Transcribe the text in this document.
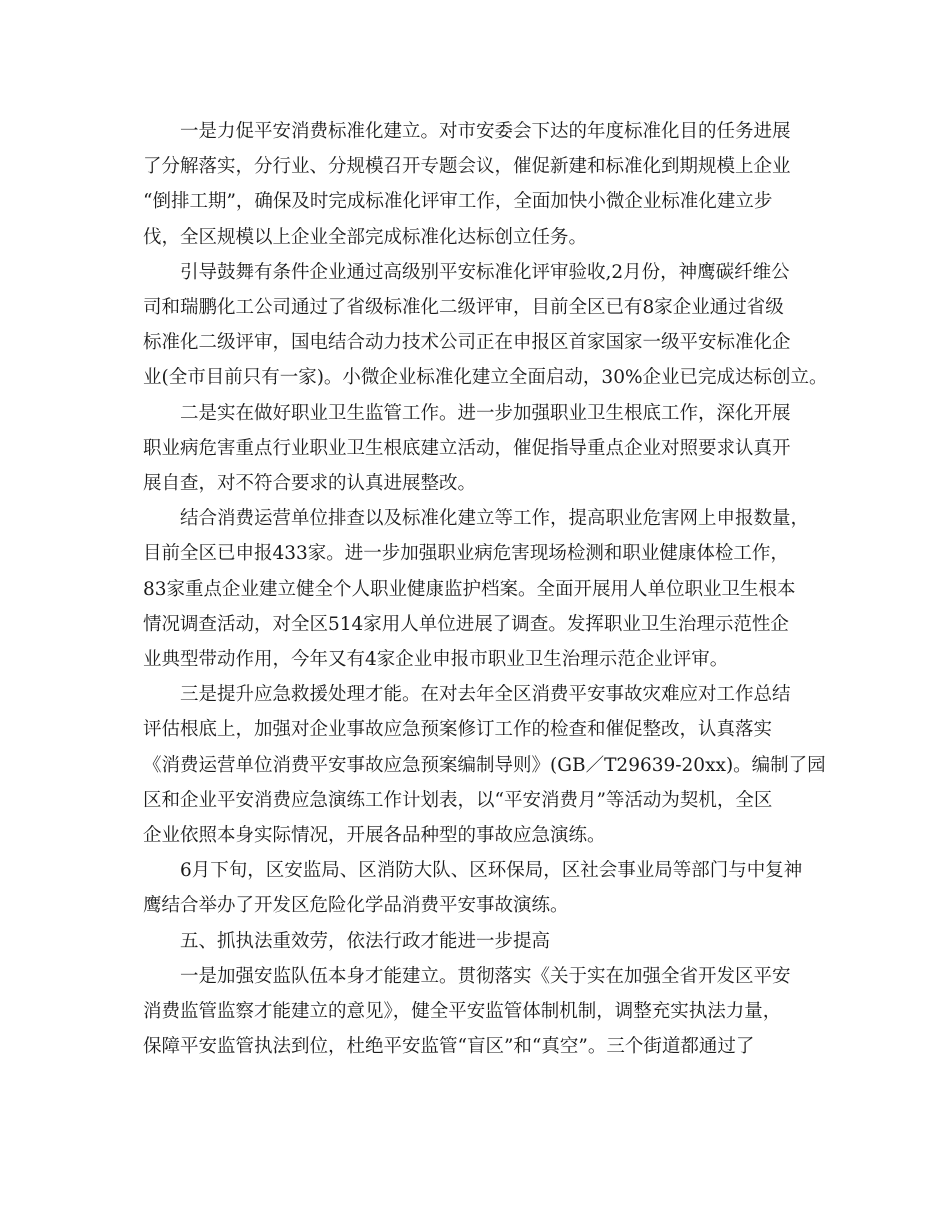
一是力促平安消费标准化建立。对市安委会下达的年度标准化目的任务进展
了分解落实，分行业、分规模召开专题会议，催促新建和标准化到期规模上企业
“倒排工期”，确保及时完成标准化评审工作，全面加快小微企业标准化建立步
伐，全区规模以上企业全部完成标准化达标创立任务。

引导鼓舞有条件企业通过高级别平安标准化评审验收,2月份，神鹰碳纤维公
司和瑞鹏化工公司通过了省级标准化二级评审，目前全区已有8家企业通过省级
标准化二级评审，国电结合动力技术公司正在申报区首家国家一级平安标准化企
业(全市目前只有一家)。小微企业标准化建立全面启动，30%企业已完成达标创立。

二是实在做好职业卫生监管工作。进一步加强职业卫生根底工作，深化开展
职业病危害重点行业职业卫生根底建立活动，催促指导重点企业对照要求认真开
展自查，对不符合要求的认真进展整改。

结合消费运营单位排查以及标准化建立等工作，提高职业危害网上申报数量，
目前全区已申报433家。进一步加强职业病危害现场检测和职业健康体检工作，
83家重点企业建立健全个人职业健康监护档案。全面开展用人单位职业卫生根本
情况调查活动，对全区514家用人单位进展了调查。发挥职业卫生治理示范性企
业典型带动作用，今年又有4家企业申报市职业卫生治理示范企业评审。

三是提升应急救援处理才能。在对去年全区消费平安事故灾难应对工作总结
评估根底上，加强对企业事故应急预案修订工作的检查和催促整改，认真落实
《消费运营单位消费平安事故应急预案编制导则》(GB／T29639-20xx)。编制了园
区和企业平安消费应急演练工作计划表，以“平安消费月”等活动为契机，全区
企业依照本身实际情况，开展各品种型的事故应急演练。

6月下旬，区安监局、区消防大队、区环保局，区社会事业局等部门与中复神
鹰结合举办了开发区危险化学品消费平安事故演练。

五、抓执法重效劳，依法行政才能进一步提高

一是加强安监队伍本身才能建立。贯彻落实《关于实在加强全省开发区平安
消费监管监察才能建立的意见》，健全平安监管体制机制，调整充实执法力量，
保障平安监管执法到位，杜绝平安监管“盲区”和“真空”。三个街道都通过了
